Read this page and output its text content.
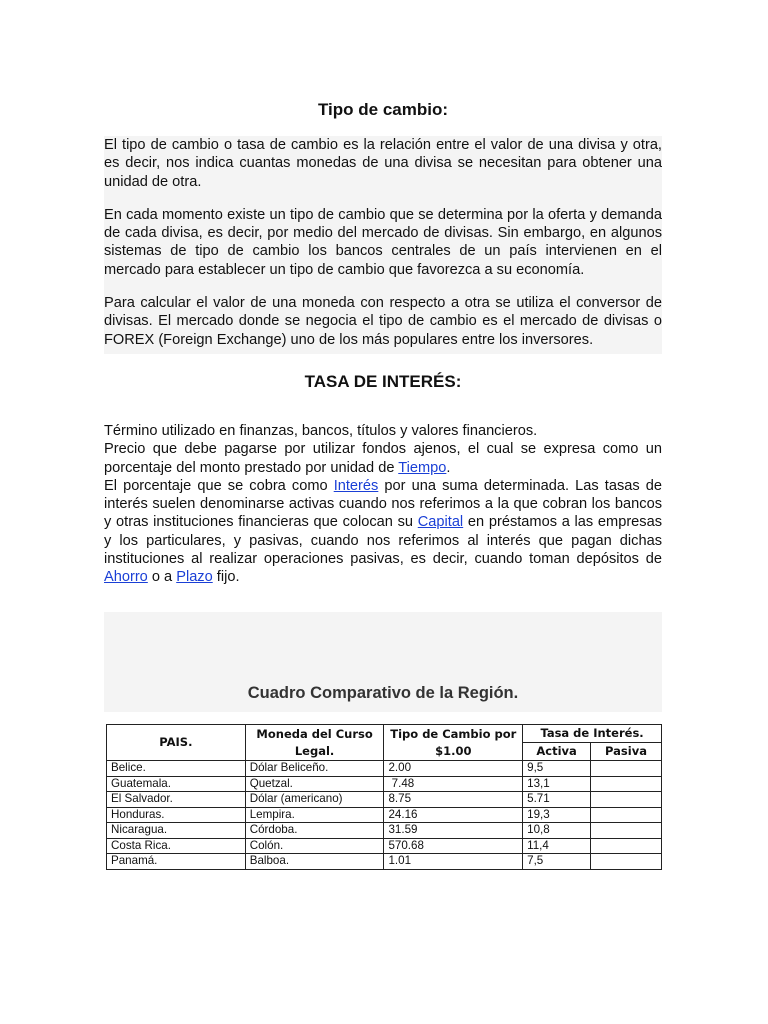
Tipo de cambio:

El tipo de cambio o tasa de cambio es la relación entre el valor de una divisa y otra, es decir, nos indica cuantas monedas de una divisa se necesitan para obtener una unidad de otra.

En cada momento existe un tipo de cambio que se determina por la oferta y demanda de cada divisa, es decir, por medio del mercado de divisas. Sin embargo, en algunos sistemas de tipo de cambio los bancos centrales de un país intervienen en el mercado para establecer un tipo de cambio que favorezca a su economía.

Para calcular el valor de una moneda con respecto a otra se utiliza el conversor de divisas. El mercado donde se negocia el tipo de cambio es el mercado de divisas o FOREX (Foreign Exchange) uno de los más populares entre los inversores.

TASA DE INTERÉS:

Término utilizado en finanzas, bancos, títulos y valores financieros.

Precio que debe pagarse por utilizar fondos ajenos, el cual se expresa como un porcentaje del monto prestado por unidad de Tiempo.

El porcentaje que se cobra como Interés por una suma determinada. Las tasas de interés suelen denominarse activas cuando nos referimos a la que cobran los bancos y otras instituciones financieras que colocan su Capital en préstamos a las empresas y los particulares, y pasivas, cuando nos referimos al interés que pagan dichas instituciones al realizar operaciones pasivas, es decir, cuando toman depósitos de Ahorro o a Plazo fijo.

Cuadro Comparativo de la Región.
PAIS.	Moneda del Curso Legal.	Tipo de Cambio por $1.00	Tasa de Interés.	
			Activa	Pasiva
Belice.	Dólar Beliceño.	2.00	9,5	
Guatemala.	Quetzal.	7.48	13,1	
El Salvador.	Dólar (americano)	8.75	5.71	
Honduras.	Lempira.	24.16	19,3	
Nicaragua.	Córdoba.	31.59	10,8	
Costa Rica.	Colón.	570.68	11,4	
Panamá.	Balboa.	1.01	7,5	
